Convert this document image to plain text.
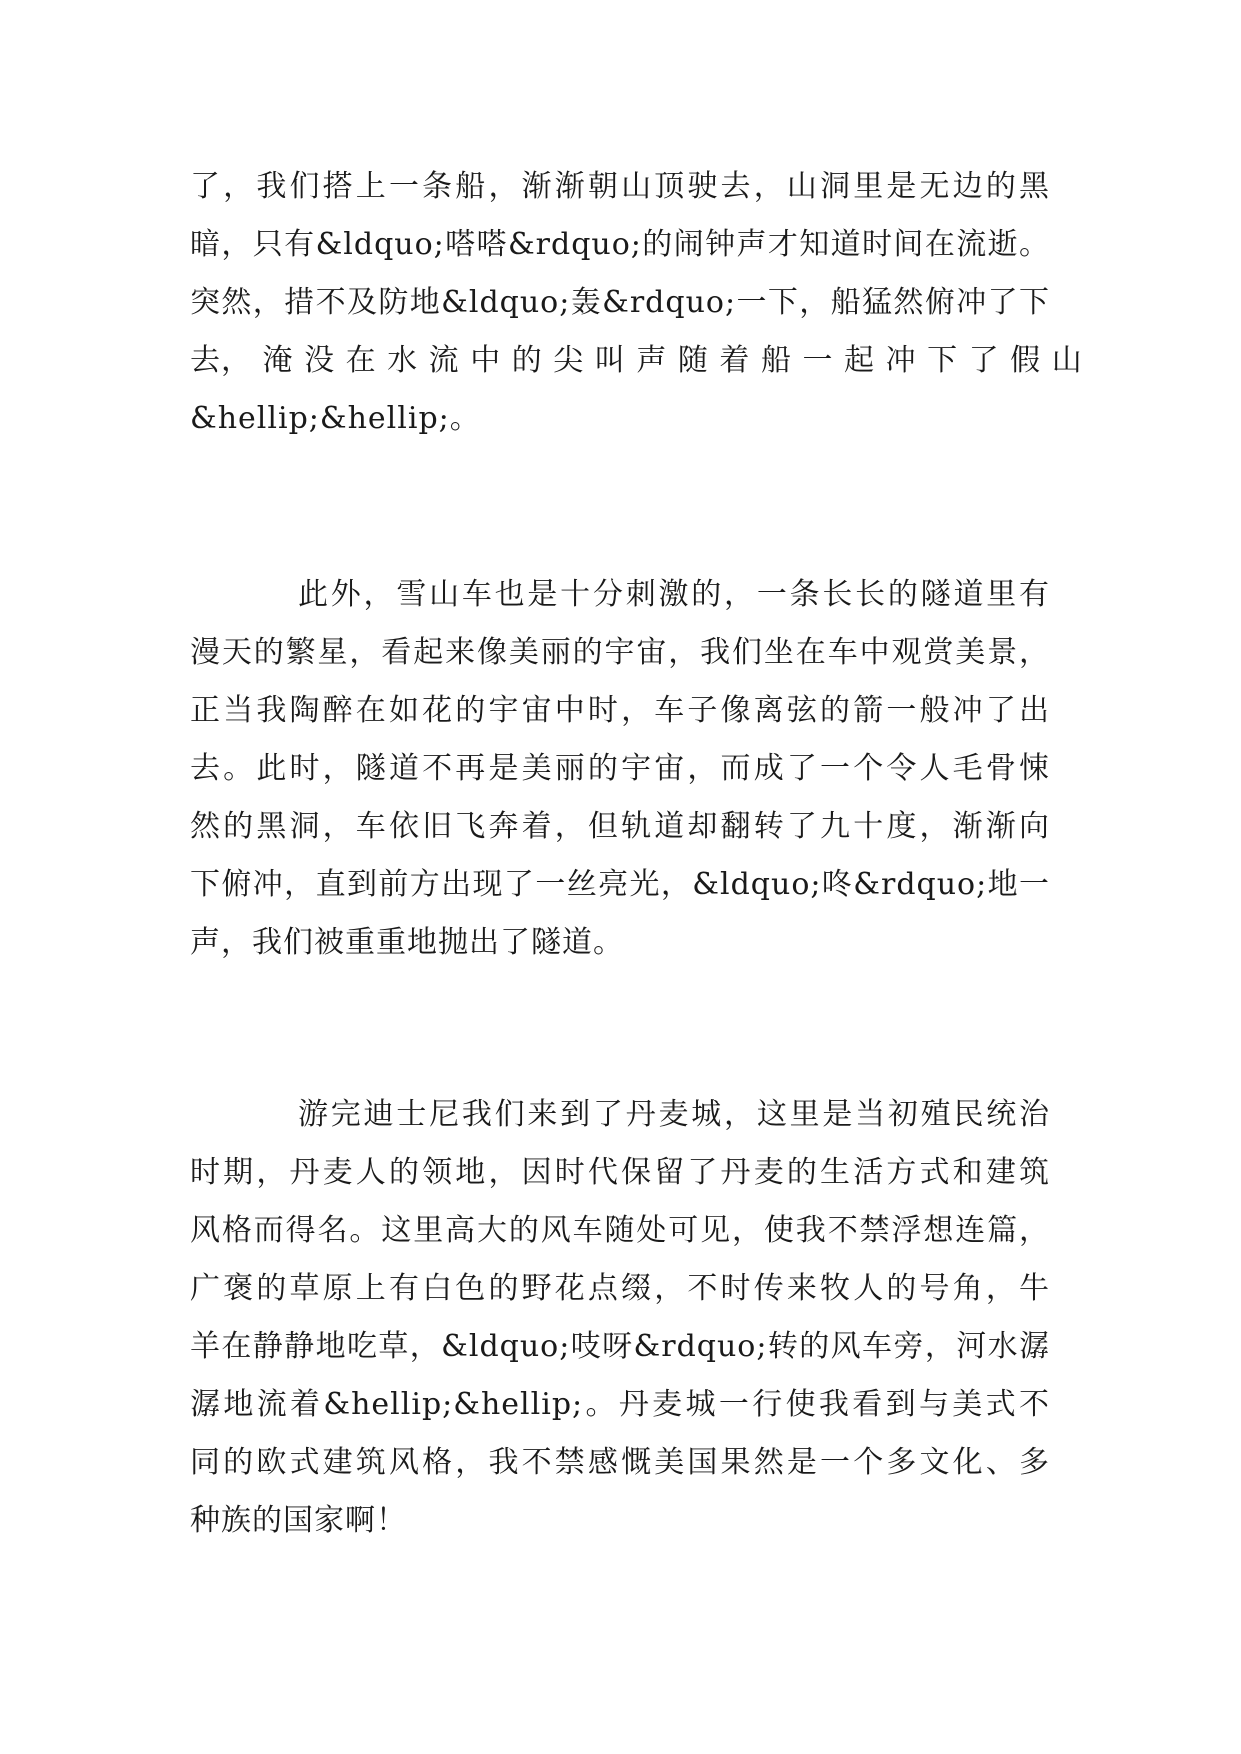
了，我们搭上一条船，渐渐朝山顶驶去，山洞里是无边的黑
暗，只有&ldquo;嗒嗒&rdquo;的闹钟声才知道时间在流逝。
突然，措不及防地&ldquo;轰&rdquo;一下，船猛然俯冲了下
去， 淹 没 在 水 流 中 的 尖 叫 声 随 着 船 一 起 冲 下 了 假 山
&hellip;&hellip;。
此外，雪山车也是十分刺激的，一条长长的隧道里有
漫天的繁星，看起来像美丽的宇宙，我们坐在车中观赏美景，
正当我陶醉在如花的宇宙中时，车子像离弦的箭一般冲了出
去。此时，隧道不再是美丽的宇宙，而成了一个令人毛骨悚
然的黑洞，车依旧飞奔着，但轨道却翻转了九十度，渐渐向
下俯冲，直到前方出现了一丝亮光，&ldquo;咚&rdquo;地一
声，我们被重重地抛出了隧道。
游完迪士尼我们来到了丹麦城，这里是当初殖民统治
时期，丹麦人的领地，因时代保留了丹麦的生活方式和建筑
风格而得名。这里高大的风车随处可见，使我不禁浮想连篇，
广褒的草原上有白色的野花点缀，不时传来牧人的号角，牛
羊在静静地吃草，&ldquo;吱呀&rdquo;转的风车旁，河水潺
潺地流着&hellip;&hellip;。丹麦城一行使我看到与美式不
同的欧式建筑风格，我不禁感慨美国果然是一个多文化、多
种族的国家啊！
